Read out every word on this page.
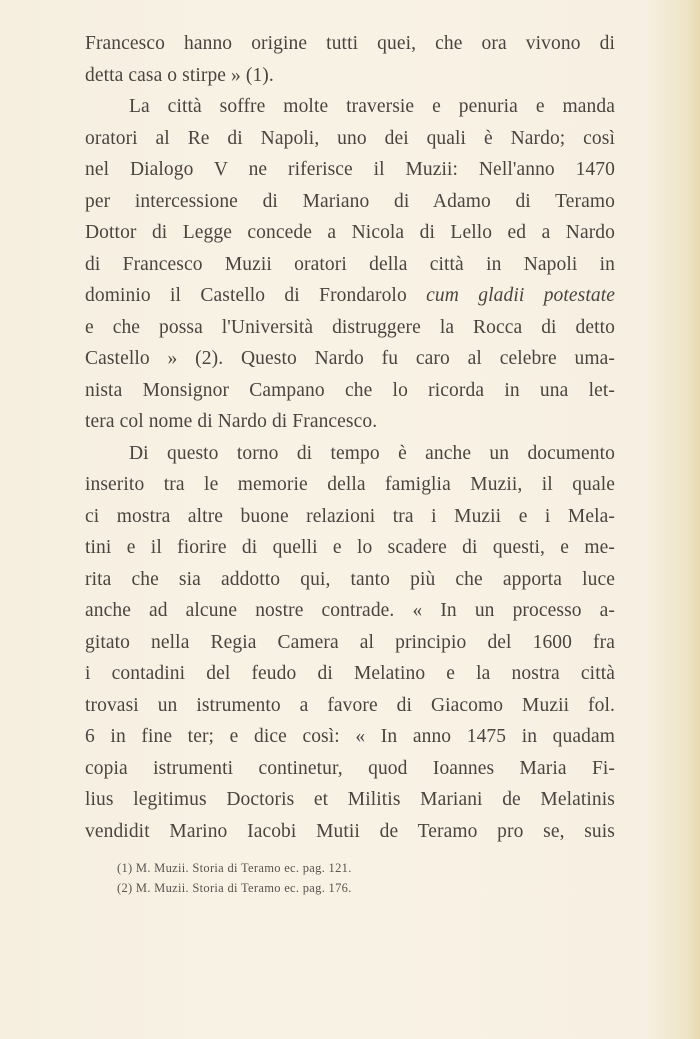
Francesco hanno origine tutti quei, che ora vivono di
detta casa o stirpe » (1).
La città soffre molte traversie e penuria e manda
oratori al Re di Napoli, uno dei quali è Nardo; così
nel Dialogo V ne riferisce il Muzii: Nell'anno 1470
per intercessione di Mariano di Adamo di Teramo
Dottor di Legge concede a Nicola di Lello ed a Nardo
di Francesco Muzii oratori della città in Napoli in
dominio il Castello di Frondarolo cum gladii potestate
e che possa l'Università distruggere la Rocca di detto
Castello » (2). Questo Nardo fu caro al celebre uma-
nista Monsignor Campano che lo ricorda in una let-
tera col nome di Nardo di Francesco.
Di questo torno di tempo è anche un documento
inserito tra le memorie della famiglia Muzii, il quale
ci mostra altre buone relazioni tra i Muzii e i Mela-
tini e il fiorire di quelli e lo scadere di questi, e me-
rita che sia addotto qui, tanto più che apporta luce
anche ad alcune nostre contrade. « In un processo a-
gitato nella Regia Camera al principio del 1600 fra
i contadini del feudo di Melatino e la nostra città
trovasi un istrumento a favore di Giacomo Muzii fol.
6 in fine ter; e dice così: « In anno 1475 in quadam
copia istrumenti continetur, quod Ioannes Maria Fi-
lius legitimus Doctoris et Militis Mariani de Melatinis
vendidit Marino Iacobi Mutii de Teramo pro se, suis
(1) M. Muzii. Storia di Teramo ec. pag. 121.
(2) M. Muzii. Storia di Teramo ec. pag. 176.
